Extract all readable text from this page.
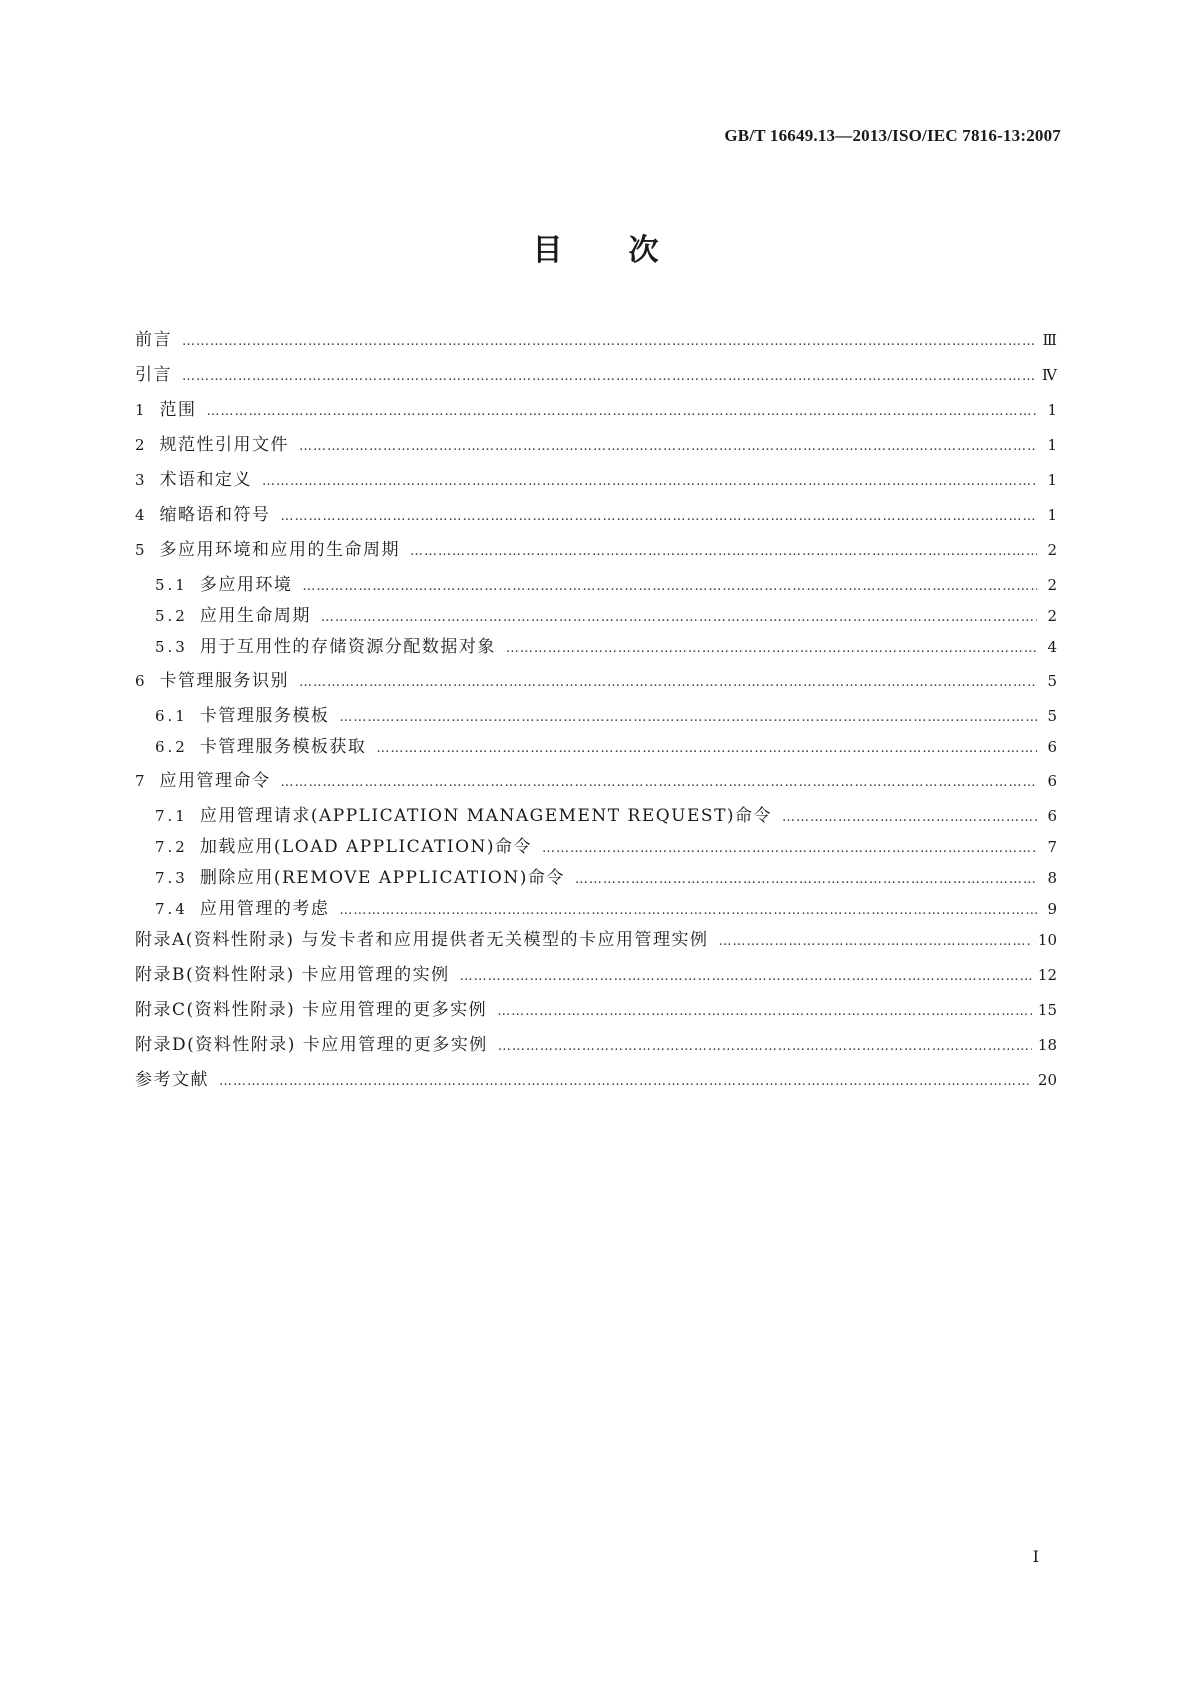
GB/T 16649.13—2013/ISO/IEC 7816-13:2007
目次
前言 ……………………………………………………………………………………………………………………………………………………………………………………………………………………	Ⅲ
引言 ……………………………………………………………………………………………………………………………………………………………………………………………………………………	Ⅳ
1 范围 ……………………………………………………………………………………………………………………………………………………………………………………………………………………	1
2 规范性引用文件 ……………………………………………………………………………………………………………………………………………………………………………………………………………………	1
3 术语和定义 ……………………………………………………………………………………………………………………………………………………………………………………………………………………	1
4 缩略语和符号 ……………………………………………………………………………………………………………………………………………………………………………………………………………………	1
5 多应用环境和应用的生命周期 ……………………………………………………………………………………………………………………………………………………………………………………………………………………	2
5.1 多应用环境 ……………………………………………………………………………………………………………………………………………………………………………………………………………………	2
5.2 应用生命周期 ……………………………………………………………………………………………………………………………………………………………………………………………………………………	2
5.3 用于互用性的存储资源分配数据对象 ……………………………………………………………………………………………………………………………………………………………………………………………………………………	4
6 卡管理服务识别 ……………………………………………………………………………………………………………………………………………………………………………………………………………………	5
6.1 卡管理服务模板 ……………………………………………………………………………………………………………………………………………………………………………………………………………………	5
6.2 卡管理服务模板获取 ……………………………………………………………………………………………………………………………………………………………………………………………………………………	6
7 应用管理命令 ……………………………………………………………………………………………………………………………………………………………………………………………………………………	6
7.1 应用管理请求(APPLICATION MANAGEMENT REQUEST)命令 ……………………………………………………………………………………………………………………………………………………………………………………………………………………	6
7.2 加载应用(LOAD APPLICATION)命令 ……………………………………………………………………………………………………………………………………………………………………………………………………………………	7
7.3 删除应用(REMOVE APPLICATION)命令 ……………………………………………………………………………………………………………………………………………………………………………………………………………………	8
7.4 应用管理的考虑 ……………………………………………………………………………………………………………………………………………………………………………………………………………………	9
附录A(资料性附录) 与发卡者和应用提供者无关模型的卡应用管理实例 ……………………………………………………………………………………………………………………………………………………………………………………………………………………	10
附录B(资料性附录) 卡应用管理的实例 ……………………………………………………………………………………………………………………………………………………………………………………………………………………	12
附录C(资料性附录) 卡应用管理的更多实例 ……………………………………………………………………………………………………………………………………………………………………………………………………………………	15
附录D(资料性附录) 卡应用管理的更多实例 ……………………………………………………………………………………………………………………………………………………………………………………………………………………	18
参考文献 ……………………………………………………………………………………………………………………………………………………………………………………………………………………	20
I
